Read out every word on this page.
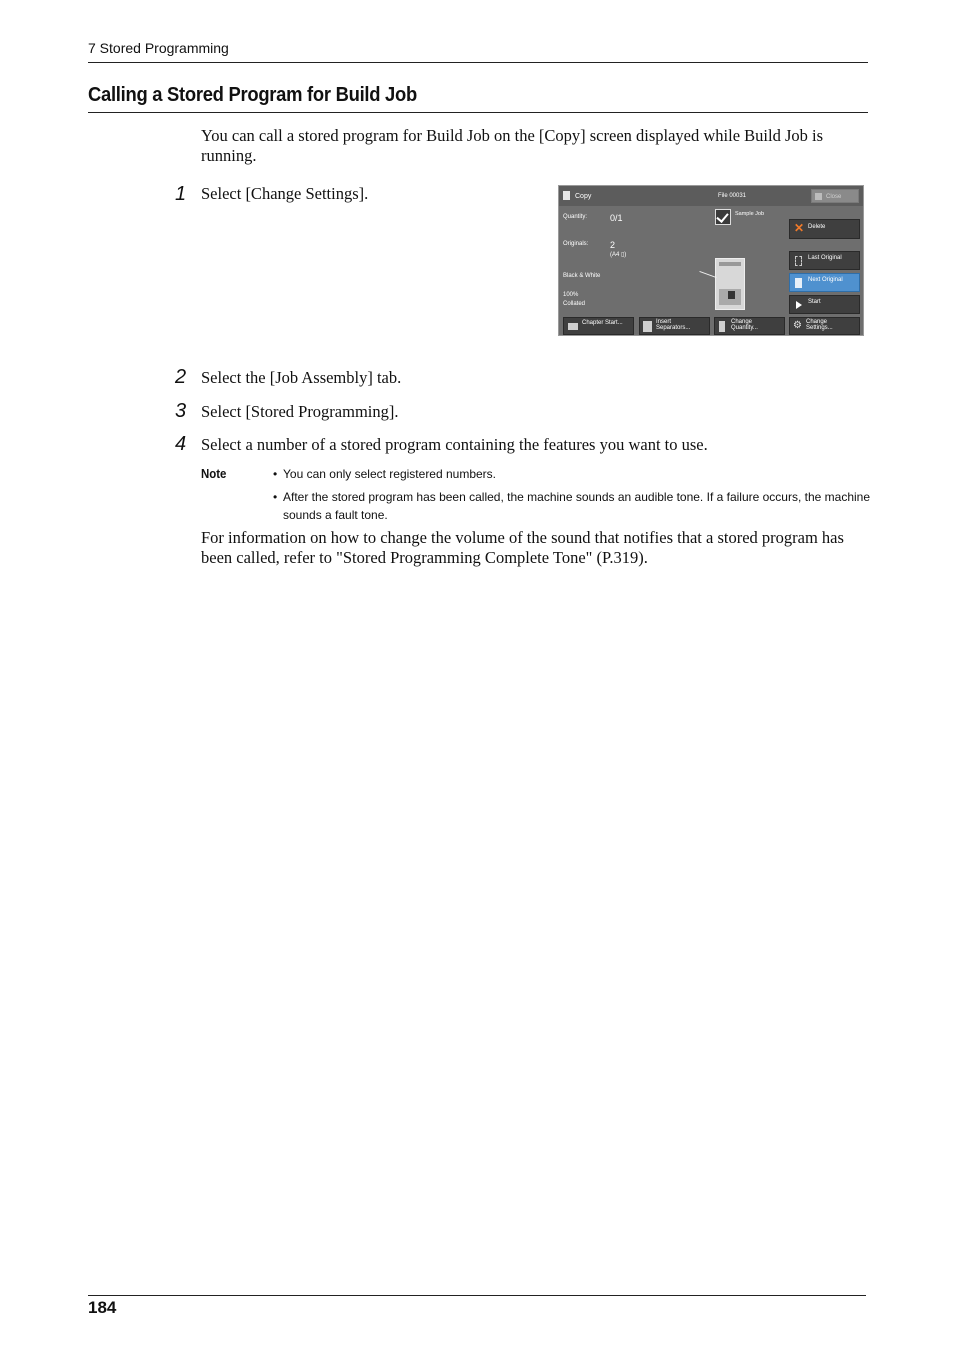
7 Stored Programming
Calling a Stored Program for Build Job
You can call a stored program for Build Job on the [Copy] screen displayed while Build Job is running.
1 Select [Change Settings].	Copy	File 00031	Close
Quantity:	0/1
Originals: 2
(A4 ▯)
Black & White
100%
Collated
Sample Job
✕ Delete
Last Original
Next Original
Start
Chapter Start...	Insert
Separators...
Change
Quantity...	⚙ Change
Settings...
2 Select the [Job Assembly] tab.
3 Select [Stored Programming].
4 Select a number of a stored program containing the features you want to use.
Note
•	You can only select registered numbers.
• After the stored program has been called, the machine sounds an audible tone. If a failure occurs, the machine sounds a fault tone.
For information on how to change the volume of the sound that notifies that a stored program has been called, refer to "Stored Programming Complete Tone" (P.319).
184
